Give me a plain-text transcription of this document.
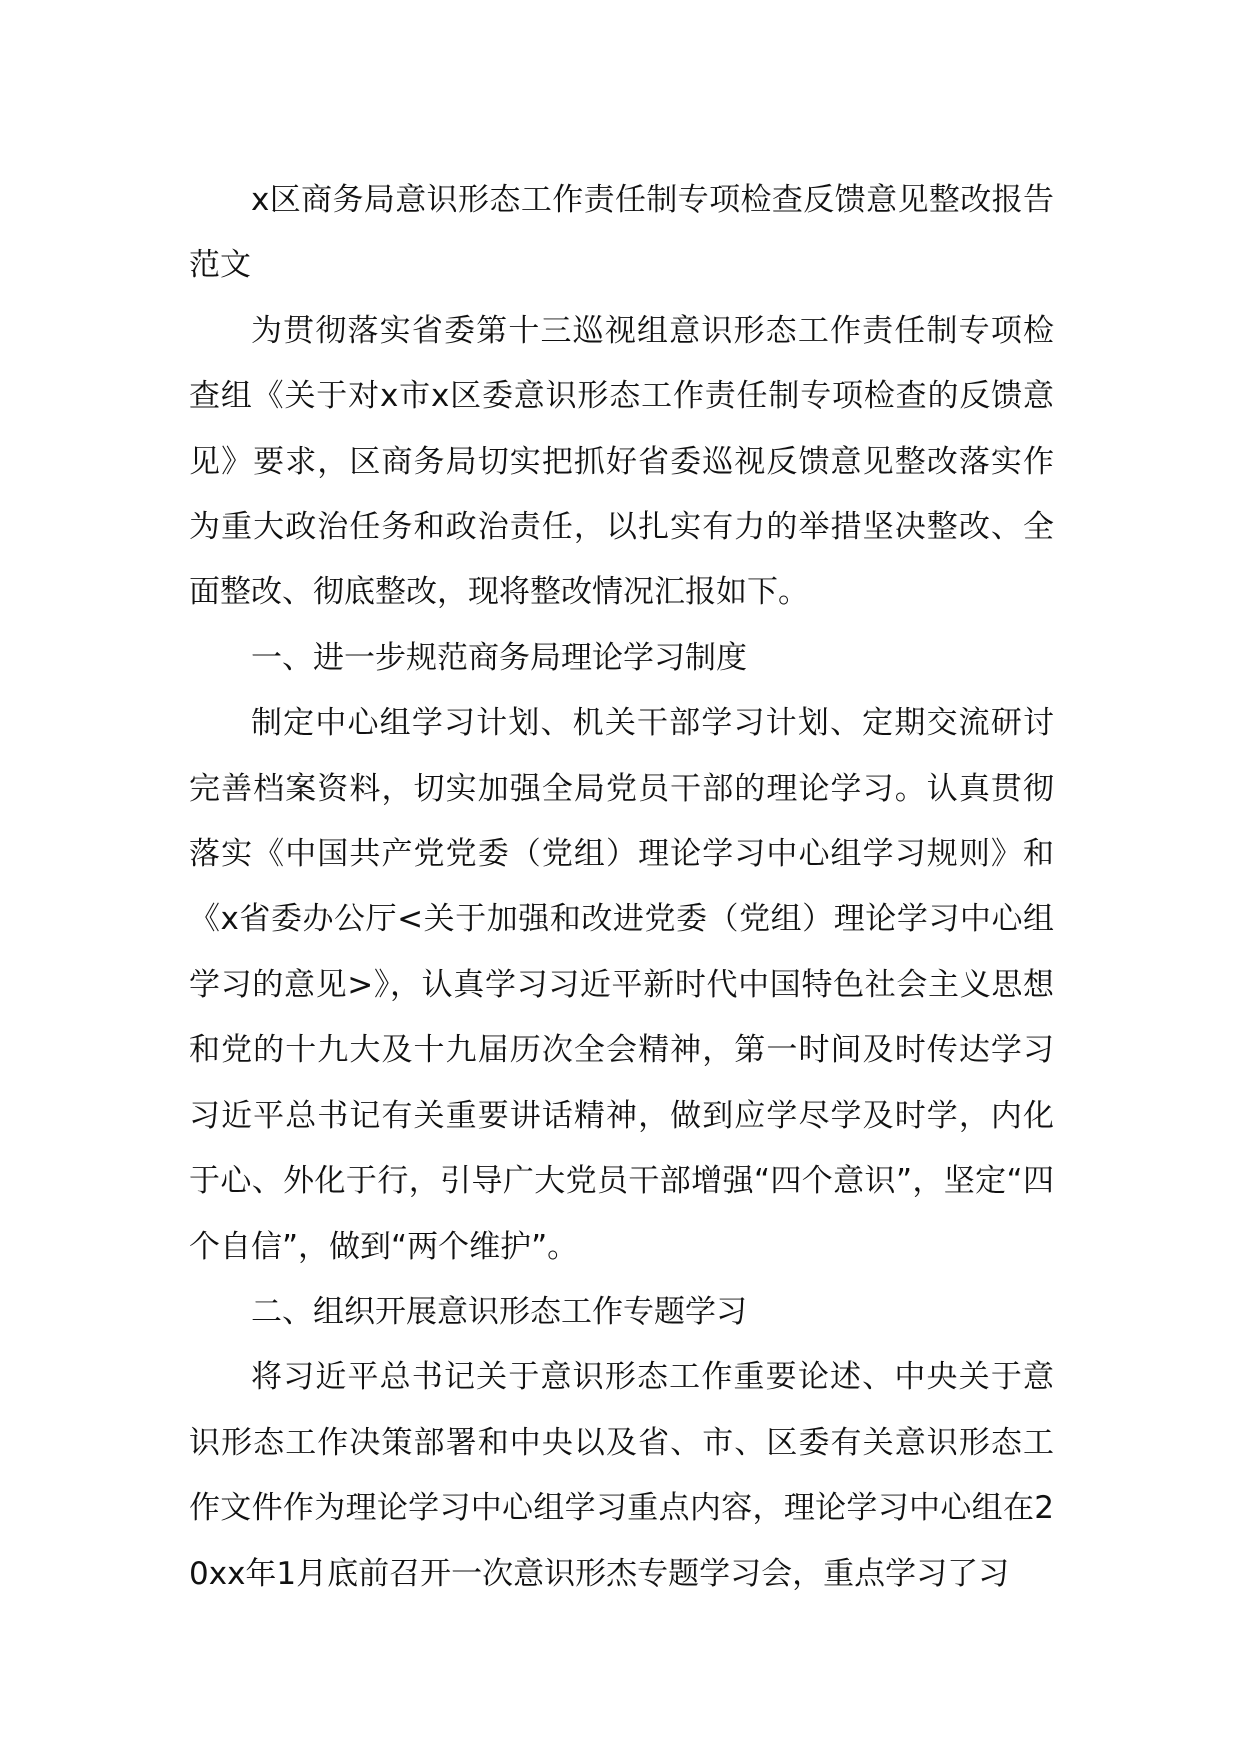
x区商务局意识形态工作责任制专项检查反馈意见整改报告范文

为贯彻落实省委第十三巡视组意识形态工作责任制专项检查组《关于对x市x区委意识形态工作责任制专项检查的反馈意见》要求，区商务局切实把抓好省委巡视反馈意见整改落实作为重大政治任务和政治责任，以扎实有力的举措坚决整改、全面整改、彻底整改，现将整改情况汇报如下。

一、进一步规范商务局理论学习制度

制定中心组学习计划、机关干部学习计划、定期交流研讨完善档案资料，切实加强全局党员干部的理论学习。认真贯彻落实《中国共产党党委（党组）理论学习中心组学习规则》和《x省委办公厅<关于加强和改进党委（党组）理论学习中心组学习的意见>》，认真学习习近平新时代中国特色社会主义思想和党的十九大及十九届历次全会精神，第一时间及时传达学习习近平总书记有关重要讲话精神，做到应学尽学及时学，内化于心、外化于行，引导广大党员干部增强“四个意识”，坚定“四个自信”，做到“两个维护”。

二、组织开展意识形态工作专题学习

将习近平总书记关于意识形态工作重要论述、中央关于意识形态工作决策部署和中央以及省、市、区委有关意识形态工作文件作为理论学习中心组学习重点内容，理论学习中心组在20xx年1月底前召开一次意识形杰专题学习会，重点学习了习
